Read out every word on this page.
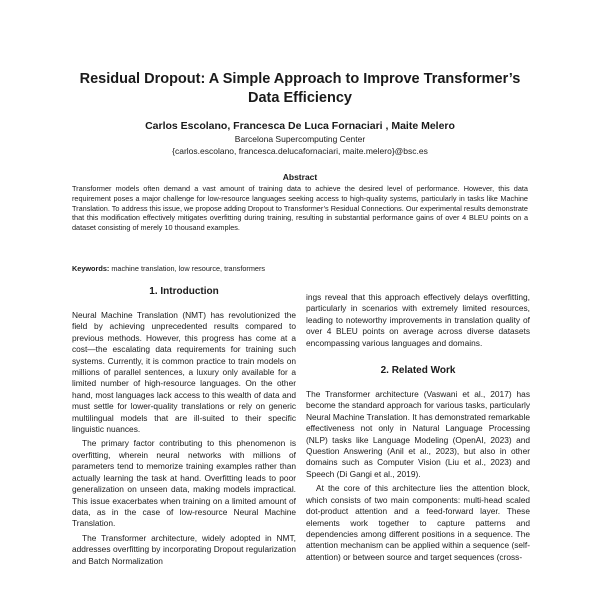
Residual Dropout: A Simple Approach to Improve Transformer’s
Data Efficiency
Carlos Escolano, Francesca De Luca Fornaciari , Maite Melero
Barcelona Supercomputing Center
{carlos.escolano, francesca.delucafornaciari, maite.melero}@bsc.es
Abstract
Transformer models often demand a vast amount of training data to achieve the desired level of performance. However, this data requirement poses a major challenge for low-resource languages seeking access to high-quality systems, particularly in tasks like Machine Translation. To address this issue, we propose adding Dropout to Transformer’s Residual Connections. Our experimental results demonstrate that this modification effectively mitigates overfitting during training, resulting in substantial performance gains of over 4 BLEU points on a dataset consisting of merely 10 thousand examples.
Keywords: machine translation, low resource, transformers
1. Introduction

Neural Machine Translation (NMT) has revolutionized the field by achieving unprecedented results compared to previous methods. However, this progress has come at a cost—the escalating data requirements for training such systems. Currently, it is common practice to train models on millions of parallel sentences, a luxury only available for a limited number of high-resource languages. On the other hand, most languages lack access to this wealth of data and must settle for lower-quality translations or rely on generic multilingual models that are ill-suited to their specific linguistic nuances.

The primary factor contributing to this phenomenon is overfitting, wherein neural networks with millions of parameters tend to memorize training examples rather than actually learning the task at hand. Overfitting leads to poor generalization on unseen data, making models impractical. This issue exacerbates when training on a limited amount of data, as in the case of low-resource Neural Machine Translation.

The Transformer architecture, widely adopted in NMT, addresses overfitting by incorporating Dropout regularization and Batch Normalization

ings reveal that this approach effectively delays overfitting, particularly in scenarios with extremely limited resources, leading to noteworthy improvements in translation quality of over 4 BLEU points on average across diverse datasets encompassing various languages and domains.

2. Related Work

The Transformer architecture (Vaswani et al., 2017) has become the standard approach for various tasks, particularly Neural Machine Translation. It has demonstrated remarkable effectiveness not only in Natural Language Processing (NLP) tasks like Language Modeling (OpenAI, 2023) and Question Answering (Anil et al., 2023), but also in other domains such as Computer Vision (Liu et al., 2023) and Speech (Di Gangi et al., 2019).

At the core of this architecture lies the attention block, which consists of two main components: multi-head scaled dot-product attention and a feed-forward layer. These elements work together to capture patterns and dependencies among different positions in a sequence. The attention mechanism can be applied within a sequence (self-attention) or between source and target sequences (cross-
